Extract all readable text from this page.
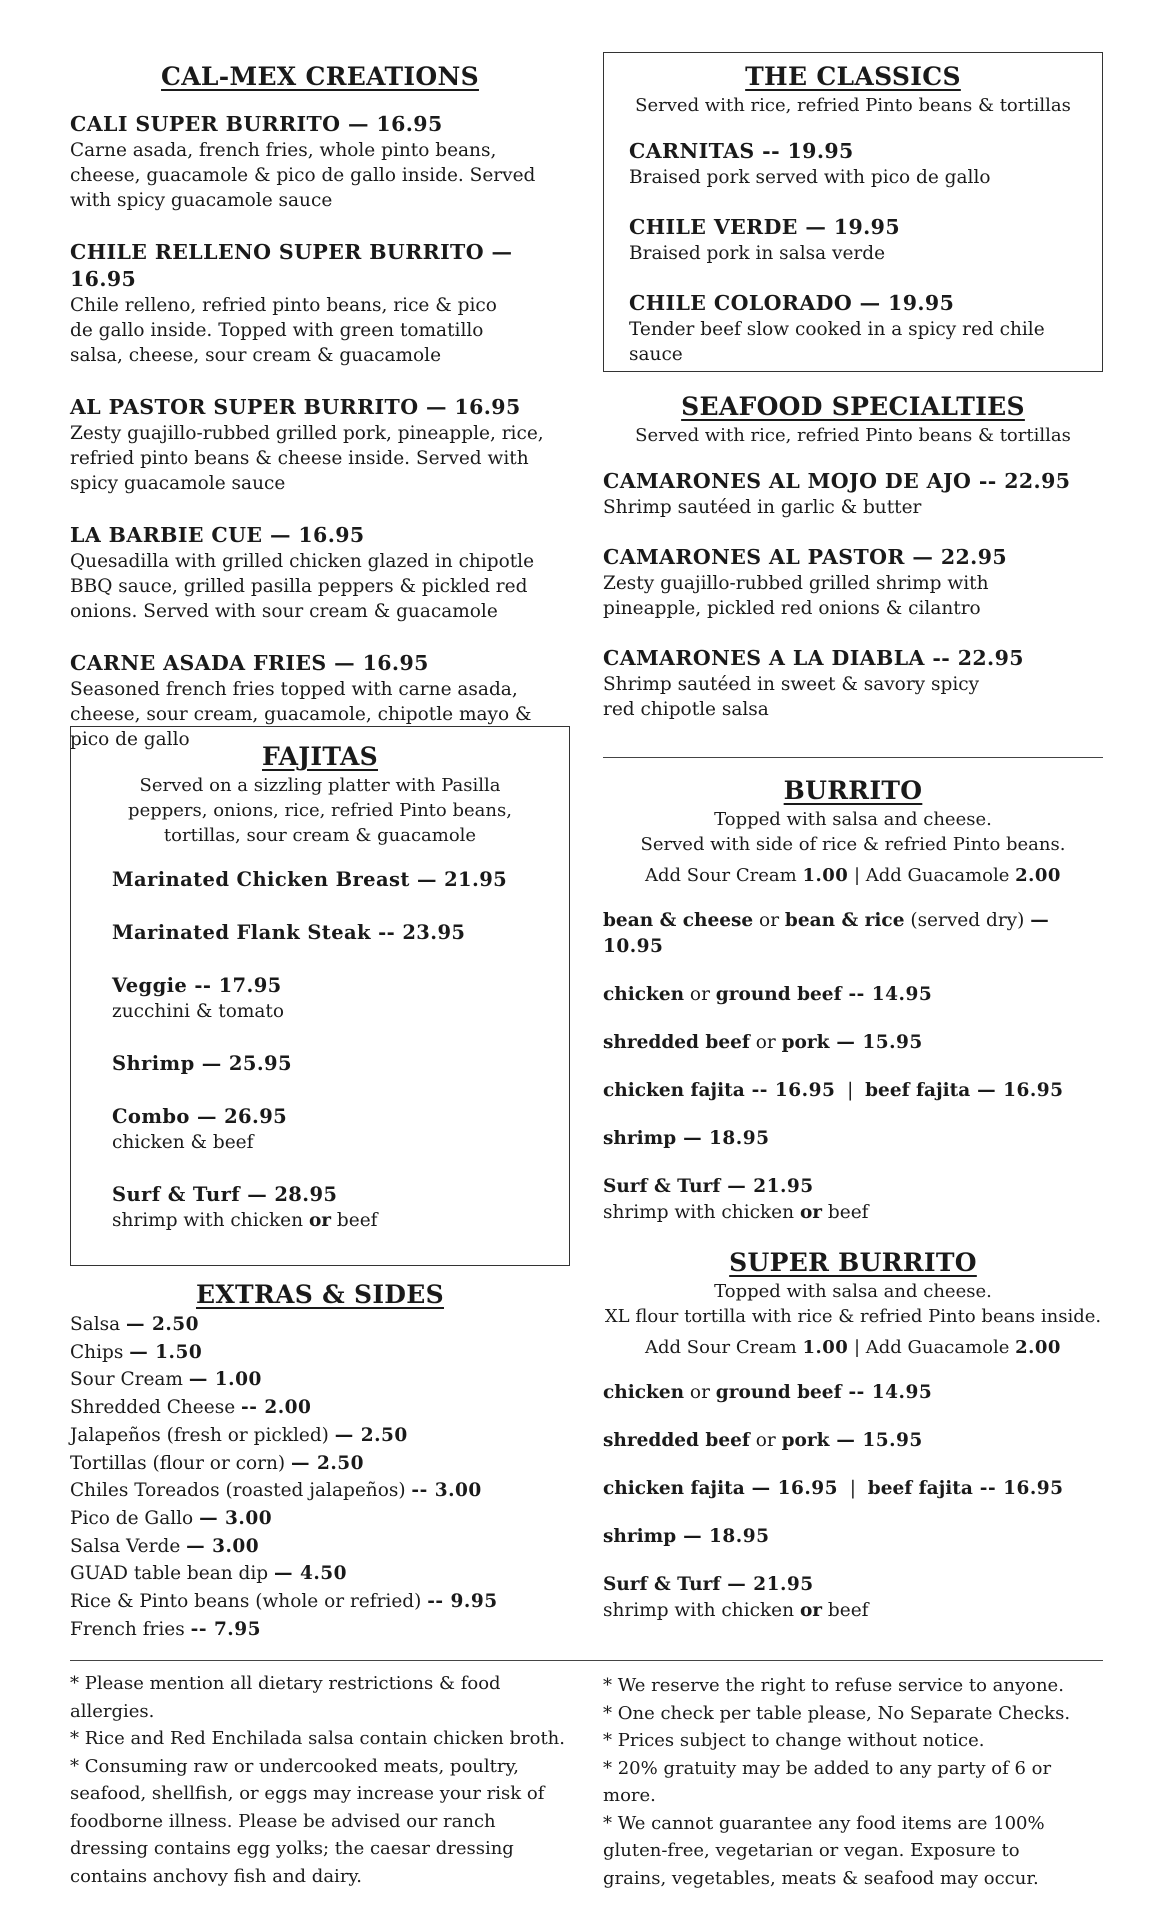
CAL-MEX CREATIONS
CALI SUPER BURRITO — 16.95
Carne asada, french fries, whole pinto beans, cheese, guacamole & pico de gallo inside. Served with spicy guacamole sauce
CHILE RELLENO SUPER BURRITO — 16.95
Chile relleno, refried pinto beans, rice & pico de gallo inside. Topped with green tomatillo salsa, cheese, sour cream & guacamole
AL PASTOR SUPER BURRITO — 16.95
Zesty guajillo-rubbed grilled pork, pineapple, rice, refried pinto beans & cheese inside. Served with spicy guacamole sauce
LA BARBIE CUE — 16.95
Quesadilla with grilled chicken glazed in chipotle BBQ sauce, grilled pasilla peppers & pickled red onions. Served with sour cream & guacamole
CARNE ASADA FRIES — 16.95
Seasoned french fries topped with carne asada, cheese, sour cream, guacamole, chipotle mayo & pico de gallo
FAJITAS
Served on a sizzling platter with Pasilla peppers, onions, rice, refried Pinto beans, tortillas, sour cream & guacamole
Marinated Chicken Breast — 21.95
Marinated Flank Steak -- 23.95
Veggie -- 17.95
zucchini & tomato
Shrimp — 25.95
Combo — 26.95
chicken & beef
Surf & Turf — 28.95
shrimp with chicken or beef
EXTRAS & SIDES
Salsa — 2.50
Chips — 1.50
Sour Cream — 1.00
Shredded Cheese -- 2.00
Jalapeños (fresh or pickled) — 2.50
Tortillas (flour or corn) — 2.50
Chiles Toreados (roasted jalapeños) -- 3.00
Pico de Gallo — 3.00
Salsa Verde — 3.00
GUAD table bean dip — 4.50
Rice & Pinto beans (whole or refried) -- 9.95
French fries -- 7.95
THE CLASSICS
Served with rice, refried Pinto beans & tortillas
CARNITAS -- 19.95
Braised pork served with pico de gallo
CHILE VERDE — 19.95
Braised pork in salsa verde
CHILE COLORADO — 19.95
Tender beef slow cooked in a spicy red chile sauce
SEAFOOD SPECIALTIES
Served with rice, refried Pinto beans & tortillas
CAMARONES AL MOJO DE AJO -- 22.95
Shrimp sautéed in garlic & butter
CAMARONES AL PASTOR — 22.95
Zesty guajillo-rubbed grilled shrimp with pineapple, pickled red onions & cilantro
CAMARONES A LA DIABLA -- 22.95
Shrimp sautéed in sweet & savory spicy red chipotle salsa
BURRITO
Topped with salsa and cheese.
Served with side of rice & refried Pinto beans.
Add Sour Cream 1.00 | Add Guacamole 2.00
bean & cheese or bean & rice (served dry) — 10.95
chicken or ground beef -- 14.95
shredded beef or pork — 15.95
chicken fajita -- 16.95  |  beef fajita — 16.95
shrimp — 18.95
Surf & Turf — 21.95
shrimp with chicken or beef
SUPER BURRITO
Topped with salsa and cheese.
XL flour tortilla with rice & refried Pinto beans inside.
Add Sour Cream 1.00 | Add Guacamole 2.00
chicken or ground beef -- 14.95
shredded beef or pork — 15.95
chicken fajita — 16.95  |  beef fajita -- 16.95
shrimp — 18.95
Surf & Turf — 21.95
shrimp with chicken or beef
* Please mention all dietary restrictions & food allergies.
* Rice and Red Enchilada salsa contain chicken broth.
* Consuming raw or undercooked meats, poultry, seafood, shellfish, or eggs may increase your risk of foodborne illness. Please be advised our ranch dressing contains egg yolks; the caesar dressing contains anchovy fish and dairy.
* We reserve the right to refuse service to anyone.
* One check per table please, No Separate Checks.
* Prices subject to change without notice.
* 20% gratuity may be added to any party of 6 or more.
* We cannot guarantee any food items are 100% gluten-free, vegetarian or vegan. Exposure to grains, vegetables, meats & seafood may occur.
